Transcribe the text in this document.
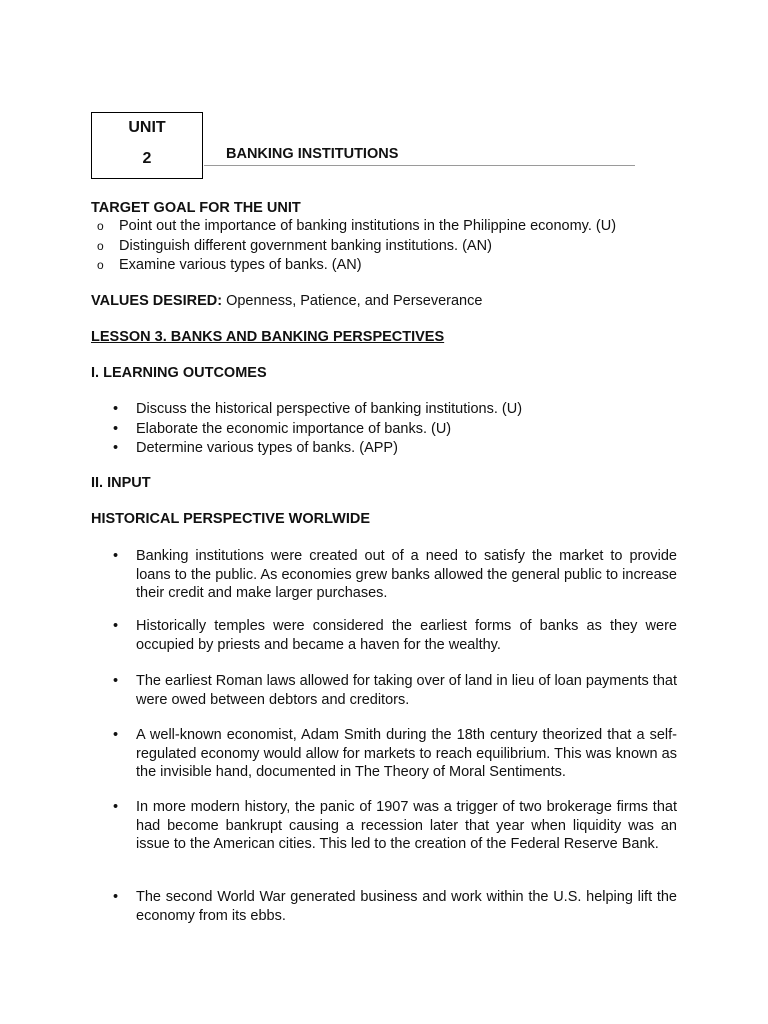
UNIT
2	BANKING INSTITUTIONS
TARGET GOAL FOR THE UNIT
o Point out the importance of banking institutions in the Philippine economy. (U)
o Distinguish different government banking institutions. (AN)
o Examine various types of banks. (AN)
VALUES DESIRED: Openness, Patience, and Perseverance
LESSON 3. BANKS AND BANKING PERSPECTIVES
I. LEARNING OUTCOMES
• Discuss the historical perspective of banking institutions. (U)
• Elaborate the economic importance of banks. (U)
• Determine various types of banks. (APP)
II. INPUT
HISTORICAL PERSPECTIVE WORLWIDE
• Banking institutions were created out of a need to satisfy the market to provide loans to the public. As economies grew banks allowed the general public to increase their credit and make larger purchases.
• Historically temples were considered the earliest forms of banks as they were occupied by priests and became a haven for the wealthy.
• The earliest Roman laws allowed for taking over of land in lieu of loan payments that were owed between debtors and creditors.
• A well-known economist, Adam Smith during the 18th century theorized that a self-regulated economy would allow for markets to reach equilibrium. This was known as the invisible hand, documented in The Theory of Moral Sentiments.
• In more modern history, the panic of 1907 was a trigger of two brokerage firms that had become bankrupt causing a recession later that year when liquidity was an issue to the American cities. This led to the creation of the Federal Reserve Bank.
• The second World War generated business and work within the U.S. helping lift the economy from its ebbs.
